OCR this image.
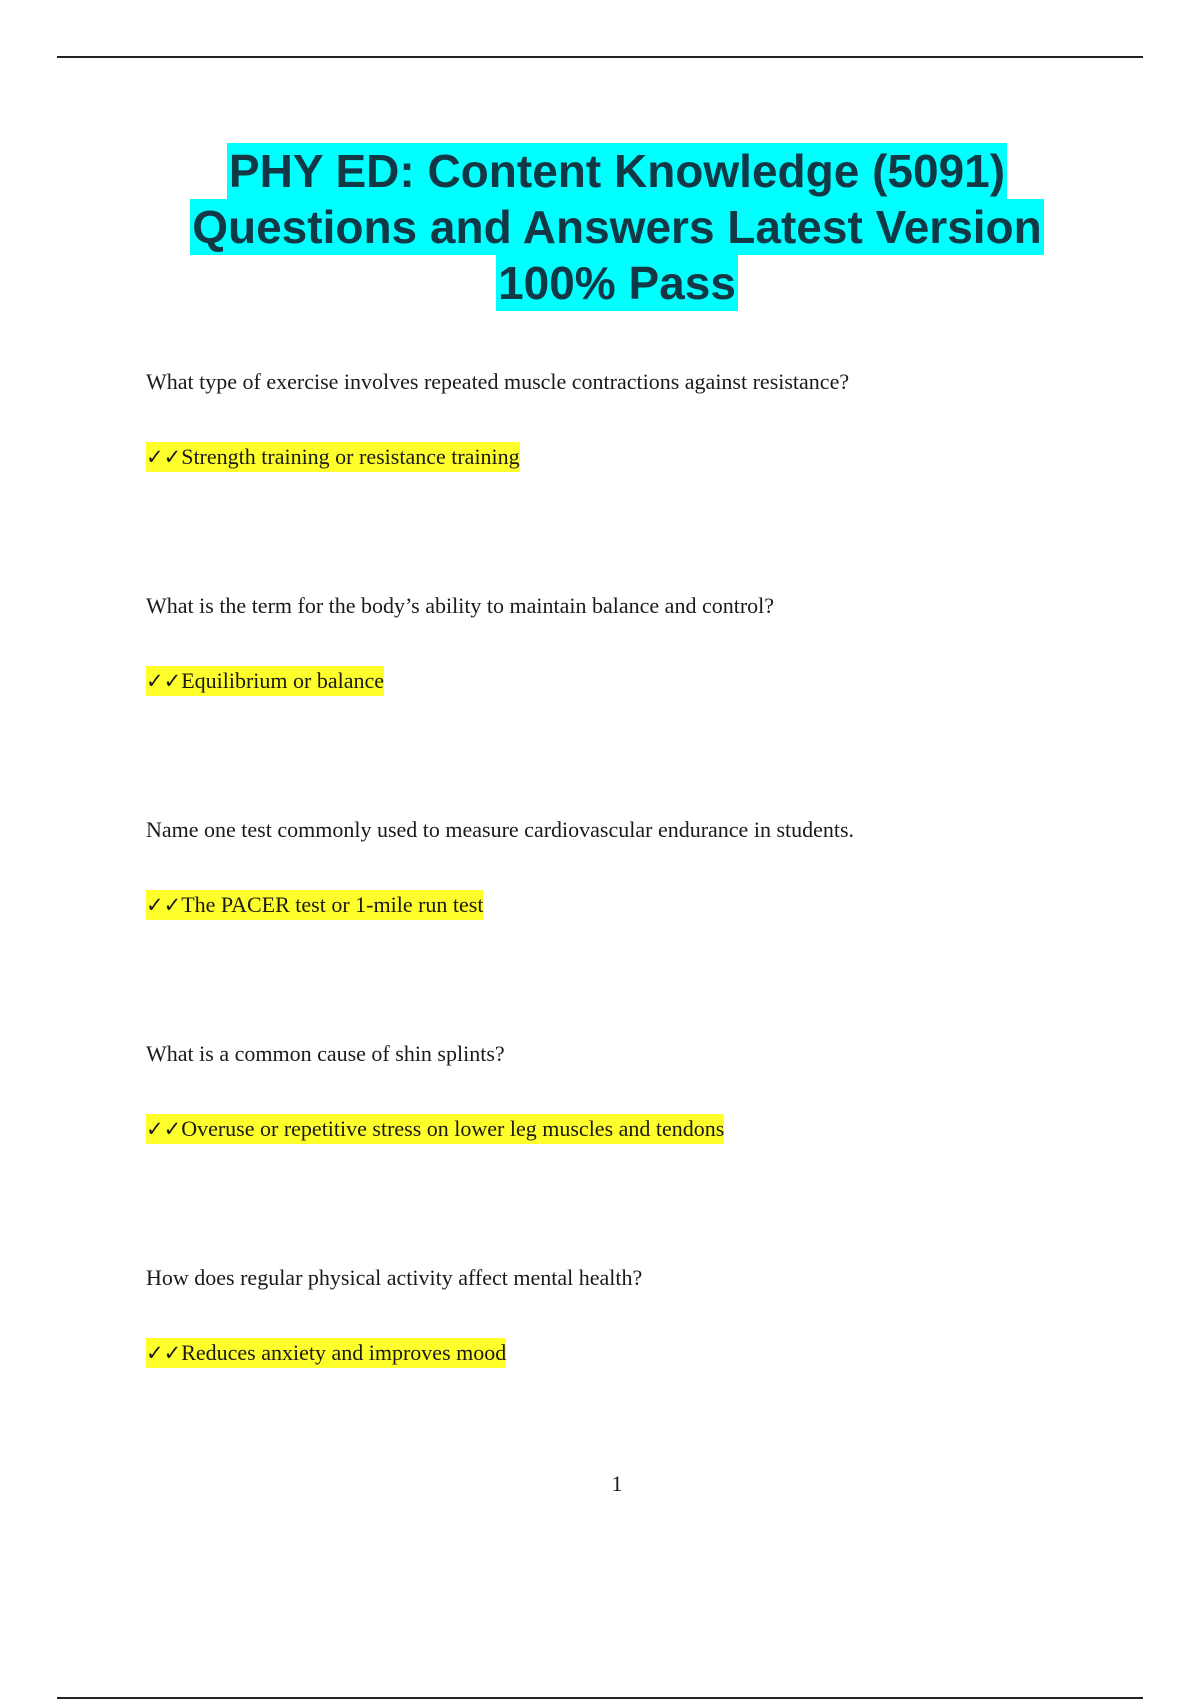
PHY ED: Content Knowledge (5091)
Questions and Answers Latest Version
100% Pass
What type of exercise involves repeated muscle contractions against resistance?
✓✓Strength training or resistance training
What is the term for the body’s ability to maintain balance and control?
✓✓Equilibrium or balance
Name one test commonly used to measure cardiovascular endurance in students.
✓✓The PACER test or 1-mile run test
What is a common cause of shin splints?
✓✓Overuse or repetitive stress on lower leg muscles and tendons
How does regular physical activity affect mental health?
✓✓Reduces anxiety and improves mood
1
